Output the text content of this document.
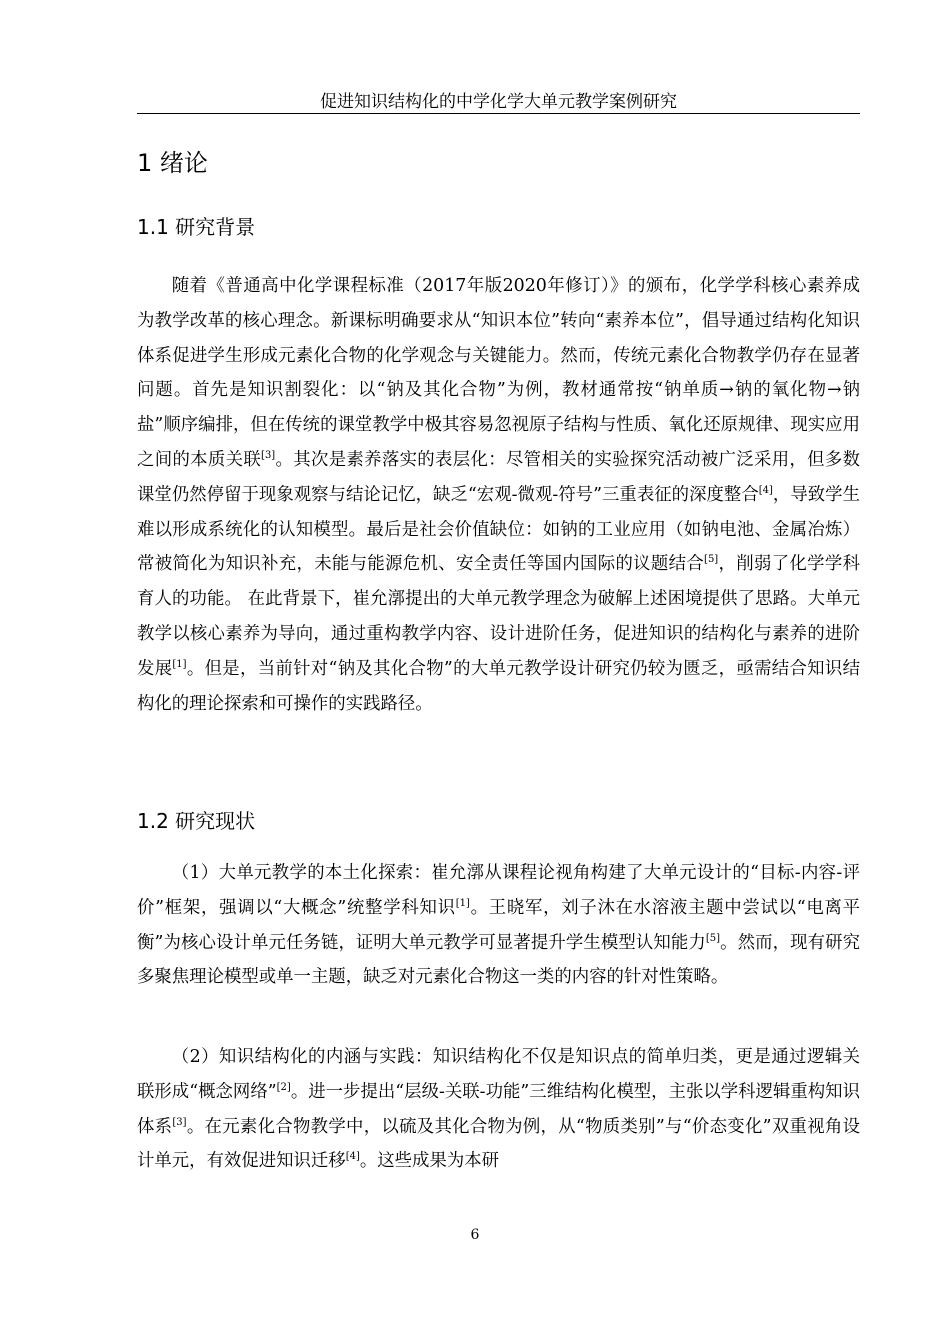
促进知识结构化的中学化学大单元教学案例研究
1 绪论
1.1 研究背景

随着《普通高中化学课程标准（2017年版2020年修订）》的颁布，化学学科核心素养成为教学改革的核心理念。新课标明确要求从“知识本位”转向“素养本位”，倡导通过结构化知识体系促进学生形成元素化合物的化学观念与关键能力。然而，传统元素化合物教学仍存在显著问题。首先是知识割裂化：以“钠及其化合物”为例，教材通常按“钠单质→钠的氧化物→钠盐”顺序编排，但在传统的课堂教学中极其容易忽视原子结构与性质、氧化还原规律、现实应用之间的本质关联[3]。其次是素养落实的表层化：尽管相关的实验探究活动被广泛采用，但多数课堂仍然停留于现象观察与结论记忆，缺乏“宏观-微观-符号”三重表征的深度整合[4]，导致学生难以形成系统化的认知模型。最后是社会价值缺位：如钠的工业应用（如钠电池、金属冶炼）常被简化为知识补充，未能与能源危机、安全责任等国内国际的议题结合[5]，削弱了化学学科育人的功能。 在此背景下，崔允漷提出的大单元教学理念为破解上述困境提供了思路。大单元教学以核心素养为导向，通过重构教学内容、设计进阶任务，促进知识的结构化与素养的进阶发展[1]。但是，当前针对“钠及其化合物”的大单元教学设计研究仍较为匮乏，亟需结合知识结构化的理论探索和可操作的实践路径。

1.2 研究现状

（1）大单元教学的本土化探索：崔允漷从课程论视角构建了大单元设计的“目标-内容-评价”框架，强调以“大概念”统整学科知识[1]。王晓军，刘子沐在水溶液主题中尝试以“电离平衡”为核心设计单元任务链，证明大单元教学可显著提升学生模型认知能力[5]。然而，现有研究多聚焦理论模型或单一主题，缺乏对元素化合物这一类的内容的针对性策略。

（2）知识结构化的内涵与实践：知识结构化不仅是知识点的简单归类，更是通过逻辑关联形成“概念网络”[2]。进一步提出“层级-关联-功能”三维结构化模型，主张以学科逻辑重构知识体系[3]。在元素化合物教学中，以硫及其化合物为例，从“物质类别”与“价态变化”双重视角设计单元，有效促进知识迁移[4]。这些成果为本研

6
